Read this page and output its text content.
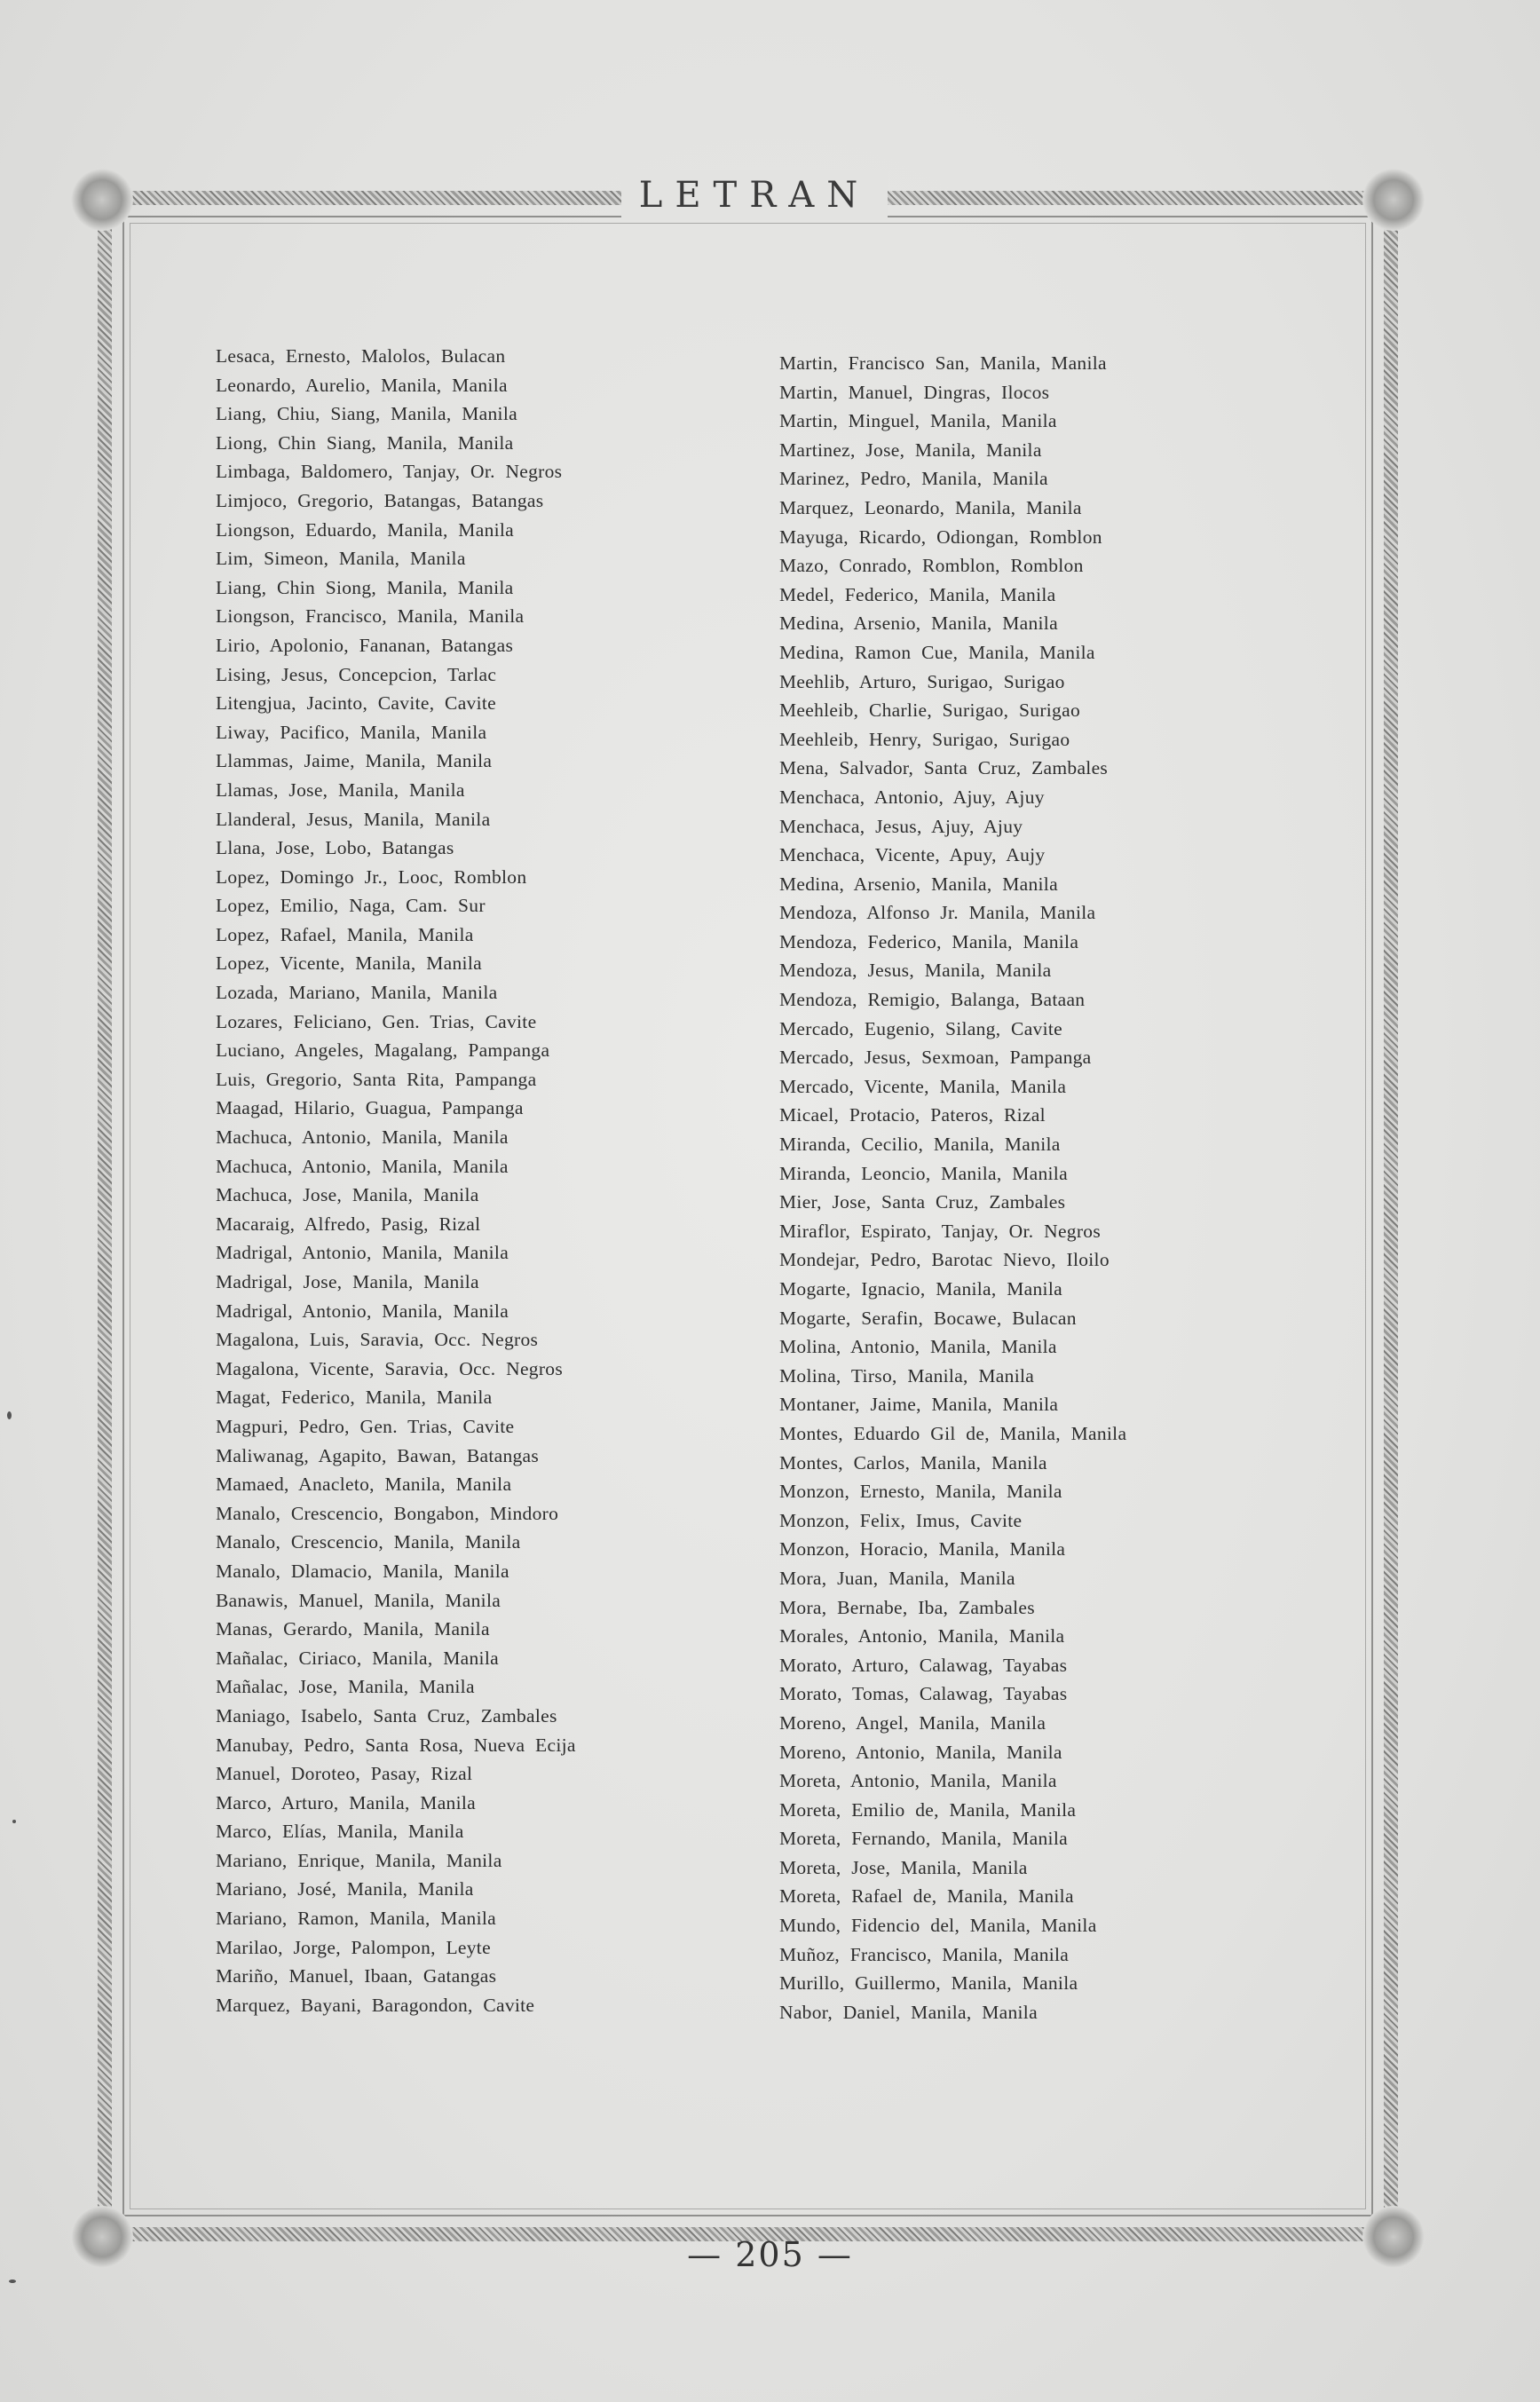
LETRAN
Lesaca, Ernesto, Malolos, Bulacan
Leonardo, Aurelio, Manila, Manila
Liang, Chiu, Siang, Manila, Manila
Liong, Chin Siang, Manila, Manila
Limbaga, Baldomero, Tanjay, Or. Negros
Limjoco, Gregorio, Batangas, Batangas
Liongson, Eduardo, Manila, Manila
Lim, Simeon, Manila, Manila
Liang, Chin Siong, Manila, Manila
Liongson, Francisco, Manila, Manila
Lirio, Apolonio, Fananan, Batangas
Lising, Jesus, Concepcion, Tarlac
Litengjua, Jacinto, Cavite, Cavite
Liway, Pacifico, Manila, Manila
Llammas, Jaime, Manila, Manila
Llamas, Jose, Manila, Manila
Llanderal, Jesus, Manila, Manila
Llana, Jose, Lobo, Batangas
Lopez, Domingo Jr., Looc, Romblon
Lopez, Emilio, Naga, Cam. Sur
Lopez, Rafael, Manila, Manila
Lopez, Vicente, Manila, Manila
Lozada, Mariano, Manila, Manila
Lozares, Feliciano, Gen. Trias, Cavite
Luciano, Angeles, Magalang, Pampanga
Luis, Gregorio, Santa Rita, Pampanga
Maagad, Hilario, Guagua, Pampanga
Machuca, Antonio, Manila, Manila
Machuca, Antonio, Manila, Manila
Machuca, Jose, Manila, Manila
Macaraig, Alfredo, Pasig, Rizal
Madrigal, Antonio, Manila, Manila
Madrigal, Jose, Manila, Manila
Madrigal, Antonio, Manila, Manila
Magalona, Luis, Saravia, Occ. Negros
Magalona, Vicente, Saravia, Occ. Negros
Magat, Federico, Manila, Manila
Magpuri, Pedro, Gen. Trias, Cavite
Maliwanag, Agapito, Bawan, Batangas
Mamaed, Anacleto, Manila, Manila
Manalo, Crescencio, Bongabon, Mindoro
Manalo, Crescencio, Manila, Manila
Manalo, Dlamacio, Manila, Manila
Banawis, Manuel, Manila, Manila
Manas, Gerardo, Manila, Manila
Mañalac, Ciriaco, Manila, Manila
Mañalac, Jose, Manila, Manila
Maniago, Isabelo, Santa Cruz, Zambales
Manubay, Pedro, Santa Rosa, Nueva Ecija
Manuel, Doroteo, Pasay, Rizal
Marco, Arturo, Manila, Manila
Marco, Elías, Manila, Manila
Mariano, Enrique, Manila, Manila
Mariano, José, Manila, Manila
Mariano, Ramon, Manila, Manila
Marilao, Jorge, Palompon, Leyte
Mariño, Manuel, Ibaan, Gatangas
Marquez, Bayani, Baragondon, Cavite
Martin, Francisco San, Manila, Manila
Martin, Manuel, Dingras, Ilocos
Martin, Minguel, Manila, Manila
Martinez, Jose, Manila, Manila
Marinez, Pedro, Manila, Manila
Marquez, Leonardo, Manila, Manila
Mayuga, Ricardo, Odiongan, Romblon
Mazo, Conrado, Romblon, Romblon
Medel, Federico, Manila, Manila
Medina, Arsenio, Manila, Manila
Medina, Ramon Cue, Manila, Manila
Meehlib, Arturo, Surigao, Surigao
Meehleib, Charlie, Surigao, Surigao
Meehleib, Henry, Surigao, Surigao
Mena, Salvador, Santa Cruz, Zambales
Menchaca, Antonio, Ajuy, Ajuy
Menchaca, Jesus, Ajuy, Ajuy
Menchaca, Vicente, Apuy, Aujy
Medina, Arsenio, Manila, Manila
Mendoza, Alfonso Jr. Manila, Manila
Mendoza, Federico, Manila, Manila
Mendoza, Jesus, Manila, Manila
Mendoza, Remigio, Balanga, Bataan
Mercado, Eugenio, Silang, Cavite
Mercado, Jesus, Sexmoan, Pampanga
Mercado, Vicente, Manila, Manila
Micael, Protacio, Pateros, Rizal
Miranda, Cecilio, Manila, Manila
Miranda, Leoncio, Manila, Manila
Mier, Jose, Santa Cruz, Zambales
Miraflor, Espirato, Tanjay, Or. Negros
Mondejar, Pedro, Barotac Nievo, Iloilo
Mogarte, Ignacio, Manila, Manila
Mogarte, Serafin, Bocawe, Bulacan
Molina, Antonio, Manila, Manila
Molina, Tirso, Manila, Manila
Montaner, Jaime, Manila, Manila
Montes, Eduardo Gil de, Manila, Manila
Montes, Carlos, Manila, Manila
Monzon, Ernesto, Manila, Manila
Monzon, Felix, Imus, Cavite
Monzon, Horacio, Manila, Manila
Mora, Juan, Manila, Manila
Mora, Bernabe, Iba, Zambales
Morales, Antonio, Manila, Manila
Morato, Arturo, Calawag, Tayabas
Morato, Tomas, Calawag, Tayabas
Moreno, Angel, Manila, Manila
Moreno, Antonio, Manila, Manila
Moreta, Antonio, Manila, Manila
Moreta, Emilio de, Manila, Manila
Moreta, Fernando, Manila, Manila
Moreta, Jose, Manila, Manila
Moreta, Rafael de, Manila, Manila
Mundo, Fidencio del, Manila, Manila
Muñoz, Francisco, Manila, Manila
Murillo, Guillermo, Manila, Manila
Nabor, Daniel, Manila, Manila
— 205 —
